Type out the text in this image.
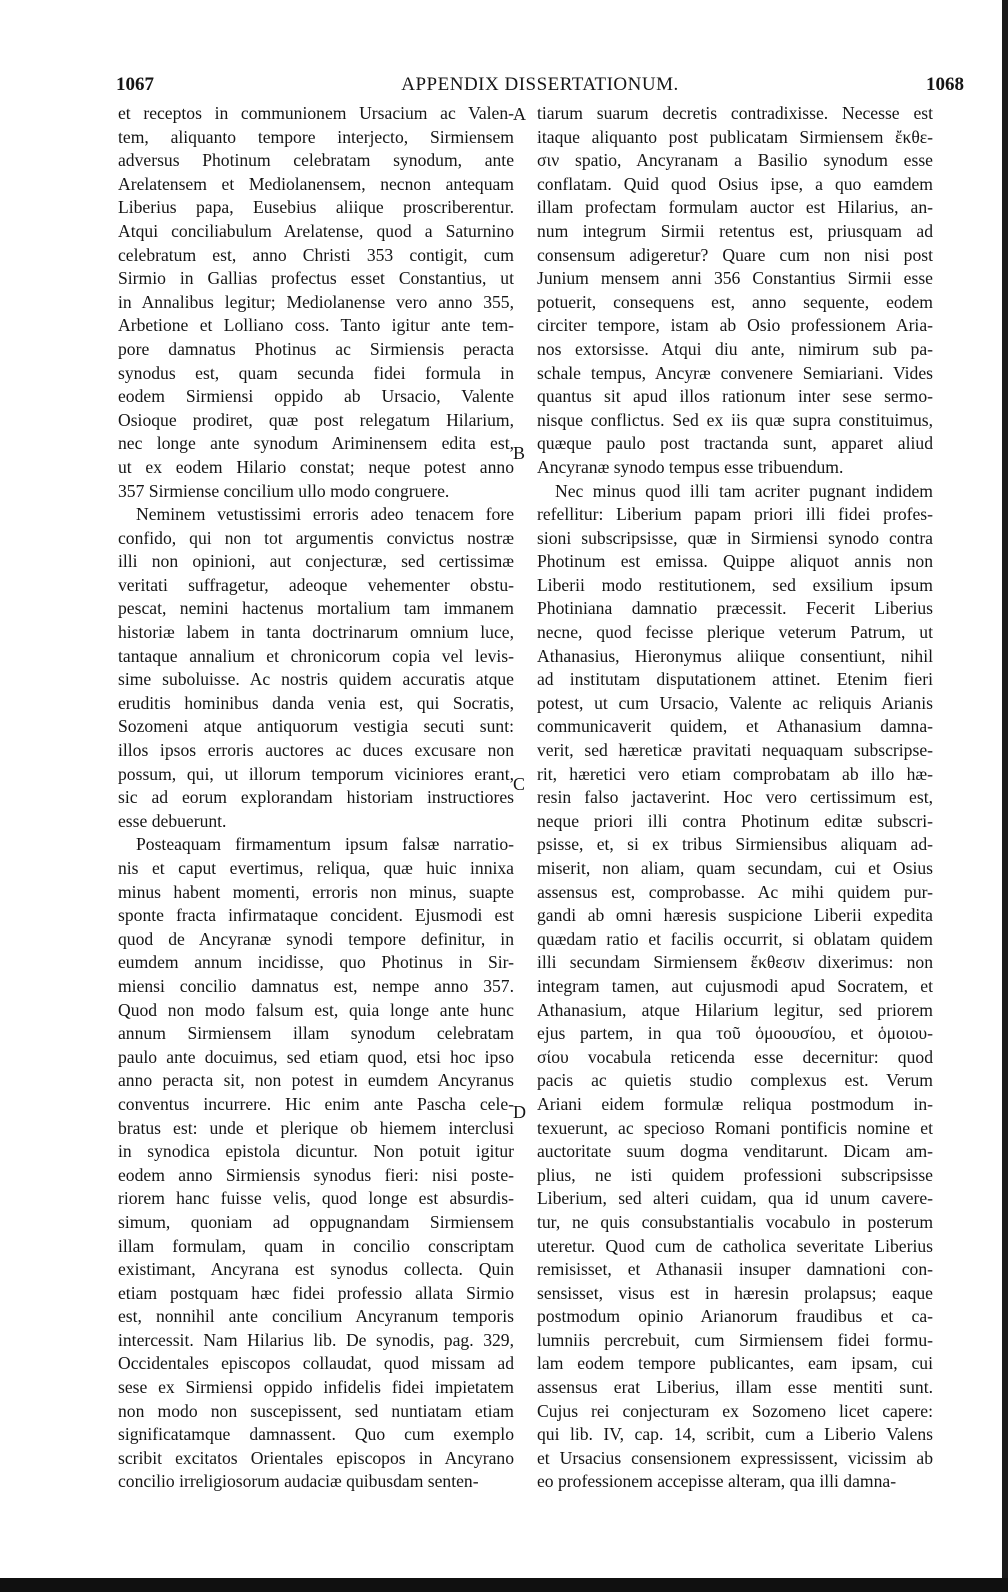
1067	APPENDIX DISSERTATIONUM.	1068
A
B
C
D
et receptos in communionem Ursacium ac Valen-
tem, aliquanto tempore interjecto, Sirmiensem
adversus Photinum celebratam synodum, ante
Arelatensem et Mediolanensem, necnon antequam
Liberius papa, Eusebius aliique proscriberentur.
Atqui conciliabulum Arelatense, quod a Saturnino
celebratum est, anno Christi 353 contigit, cum
Sirmio in Gallias profectus esset Constantius, ut
in Annalibus legitur; Mediolanense vero anno 355,
Arbetione et Lolliano coss. Tanto igitur ante tem-
pore damnatus Photinus ac Sirmiensis peracta
synodus est, quam secunda fidei formula in
eodem Sirmiensi oppido ab Ursacio, Valente
Osioque prodiret, quæ post relegatum Hilarium,
nec longe ante synodum Ariminensem edita est,
ut ex eodem Hilario constat; neque potest anno
357 Sirmiense concilium ullo modo congruere.
Neminem vetustissimi erroris adeo tenacem fore
confido, qui non tot argumentis convictus nostræ
illi non opinioni, aut conjecturæ, sed certissimæ
veritati suffragetur, adeoque vehementer obstu-
pescat, nemini hactenus mortalium tam immanem
historiæ labem in tanta doctrinarum omnium luce,
tantaque annalium et chronicorum copia vel levis-
sime suboluisse. Ac nostris quidem accuratis atque
eruditis hominibus danda venia est, qui Socratis,
Sozomeni atque antiquorum vestigia secuti sunt:
illos ipsos erroris auctores ac duces excusare non
possum, qui, ut illorum temporum viciniores erant,
sic ad eorum explorandam historiam instructiores
esse debuerunt.
Posteaquam firmamentum ipsum falsæ narratio-
nis et caput evertimus, reliqua, quæ huic innixa
minus habent momenti, erroris non minus, suapte
sponte fracta infirmataque concident. Ejusmodi est
quod de Ancyranæ synodi tempore definitur, in
eumdem annum incidisse, quo Photinus in Sir-
miensi concilio damnatus est, nempe anno 357.
Quod non modo falsum est, quia longe ante hunc
annum Sirmiensem illam synodum celebratam
paulo ante docuimus, sed etiam quod, etsi hoc ipso
anno peracta sit, non potest in eumdem Ancyranus
conventus incurrere. Hic enim ante Pascha cele-
bratus est: unde et plerique ob hiemem interclusi
in synodica epistola dicuntur. Non potuit igitur
eodem anno Sirmiensis synodus fieri: nisi poste-
riorem hanc fuisse velis, quod longe est absurdis-
simum, quoniam ad oppugnandam Sirmiensem
illam formulam, quam in concilio conscriptam
existimant, Ancyrana est synodus collecta. Quin
etiam postquam hæc fidei professio allata Sirmio
est, nonnihil ante concilium Ancyranum temporis
intercessit. Nam Hilarius lib. De synodis, pag. 329,
Occidentales episcopos collaudat, quod missam ad
sese ex Sirmiensi oppido infidelis fidei impietatem
non modo non suscepissent, sed nuntiatam etiam
significatamque damnassent. Quo cum exemplo
scribit excitatos Orientales episcopos in Ancyrano
concilio irreligiosorum audaciæ quibusdam senten-
tiarum suarum decretis contradixisse. Necesse est
itaque aliquanto post publicatam Sirmiensem ἔκθε-
σιν spatio, Ancyranam a Basilio synodum esse
conflatam. Quid quod Osius ipse, a quo eamdem
illam profectam formulam auctor est Hilarius, an-
num integrum Sirmii retentus est, priusquam ad
consensum adigeretur? Quare cum non nisi post
Junium mensem anni 356 Constantius Sirmii esse
potuerit, consequens est, anno sequente, eodem
circiter tempore, istam ab Osio professionem Aria-
nos extorsisse. Atqui diu ante, nimirum sub pa-
schale tempus, Ancyræ convenere Semiariani. Vides
quantus sit apud illos rationum inter sese sermo-
nisque conflictus. Sed ex iis quæ supra constituimus,
quæque paulo post tractanda sunt, apparet aliud
Ancyranæ synodo tempus esse tribuendum.
Nec minus quod illi tam acriter pugnant indidem
refellitur: Liberium papam priori illi fidei profes-
sioni subscripsisse, quæ in Sirmiensi synodo contra
Photinum est emissa. Quippe aliquot annis non
Liberii modo restitutionem, sed exsilium ipsum
Photiniana damnatio præcessit. Fecerit Liberius
necne, quod fecisse plerique veterum Patrum, ut
Athanasius, Hieronymus aliique consentiunt, nihil
ad institutam disputationem attinet. Etenim fieri
potest, ut cum Ursacio, Valente ac reliquis Arianis
communicaverit quidem, et Athanasium damna-
verit, sed hæreticæ pravitati nequaquam subscripse-
rit, hæretici vero etiam comprobatam ab illo hæ-
resin falso jactaverint. Hoc vero certissimum est,
neque priori illi contra Photinum editæ subscri-
psisse, et, si ex tribus Sirmiensibus aliquam ad-
miserit, non aliam, quam secundam, cui et Osius
assensus est, comprobasse. Ac mihi quidem pur-
gandi ab omni hæresis suspicione Liberii expedita
quædam ratio et facilis occurrit, si oblatam quidem
illi secundam Sirmiensem ἔκθεσιν dixerimus: non
integram tamen, aut cujusmodi apud Socratem, et
Athanasium, atque Hilarium legitur, sed priorem
ejus partem, in qua τοῦ ὁμοουσίου, et ὁμοιου-
σίου vocabula reticenda esse decernitur: quod
pacis ac quietis studio complexus est. Verum
Ariani eidem formulæ reliqua postmodum in-
texuerunt, ac specioso Romani pontificis nomine et
auctoritate suum dogma venditarunt. Dicam am-
plius, ne isti quidem professioni subscripsisse
Liberium, sed alteri cuidam, qua id unum cavere-
tur, ne quis consubstantialis vocabulo in posterum
uteretur. Quod cum de catholica severitate Liberius
remisisset, et Athanasii insuper damnationi con-
sensisset, visus est in hæresin prolapsus; eaque
postmodum opinio Arianorum fraudibus et ca-
lumniis percrebuit, cum Sirmiensem fidei formu-
lam eodem tempore publicantes, eam ipsam, cui
assensus erat Liberius, illam esse mentiti sunt.
Cujus rei conjecturam ex Sozomeno licet capere:
qui lib. IV, cap. 14, scribit, cum a Liberio Valens
et Ursacius consensionem expressissent, vicissim ab
eo professionem accepisse alteram, qua illi damna-
